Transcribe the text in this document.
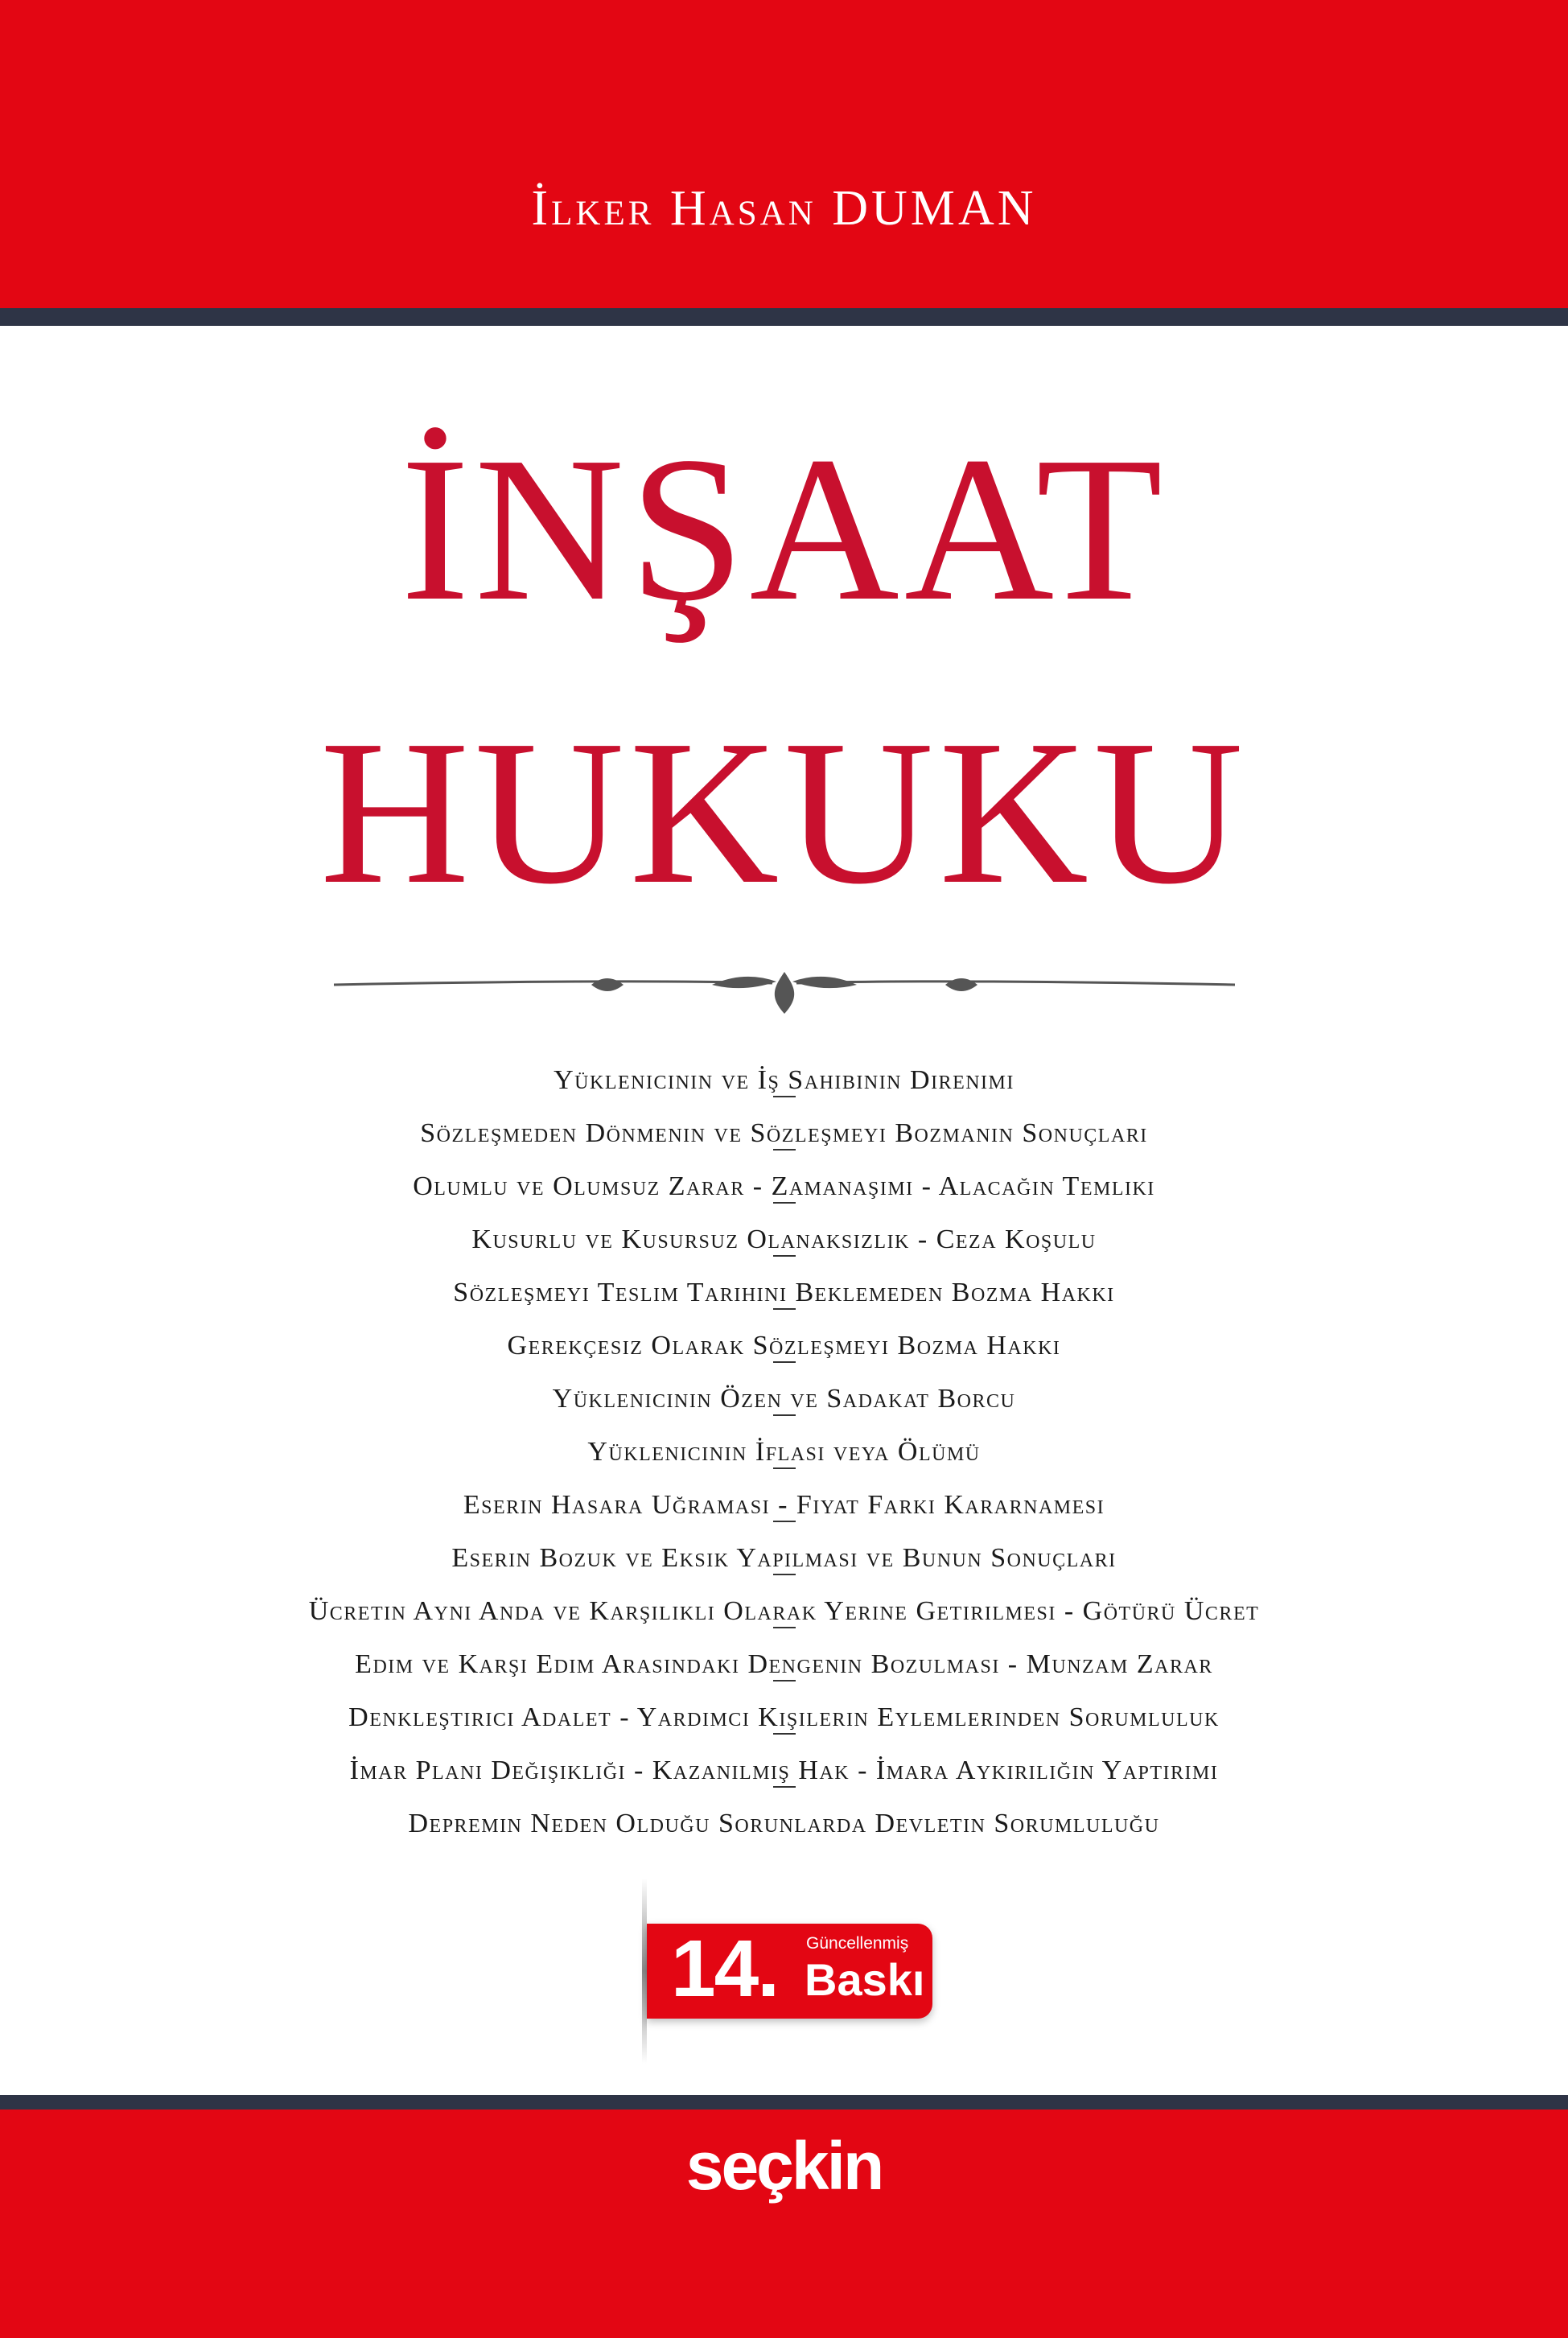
İlker Hasan DUMAN
İNŞAAT
HUKUKU
Yüklenicinin ve İş Sahibinin Direnimi
Sözleşmeden Dönmenin ve Sözleşmeyi Bozmanın Sonuçları
Olumlu ve Olumsuz Zarar - Zamanaşımı - Alacağın Temliki
Kusurlu ve Kusursuz Olanaksızlık - Ceza Koşulu
Sözleşmeyi Teslim Tarihini Beklemeden Bozma Hakkı
Gerekçesiz Olarak Sözleşmeyi Bozma Hakkı
Yüklenicinin Özen ve Sadakat Borcu
Yüklenicinin İflası veya Ölümü
Eserin Hasara Uğraması - Fiyat Farkı Kararnamesi
Eserin Bozuk ve Eksik Yapılması ve Bunun Sonuçları
Ücretin Aynı Anda ve Karşılıklı Olarak Yerine Getirilmesi - Götürü Ücret
Edim ve Karşı Edim Arasındaki Dengenin Bozulması - Munzam Zarar
Denkleştirici Adalet - Yardımcı Kişilerin Eylemlerinden Sorumluluk
İmar Planı Değişikliği - Kazanılmış Hak - İmara Aykırılığın Yaptırımı
Depremin Neden Olduğu Sorunlarda Devletin Sorumluluğu
14. Güncellenmiş
Baskı
seçkin
